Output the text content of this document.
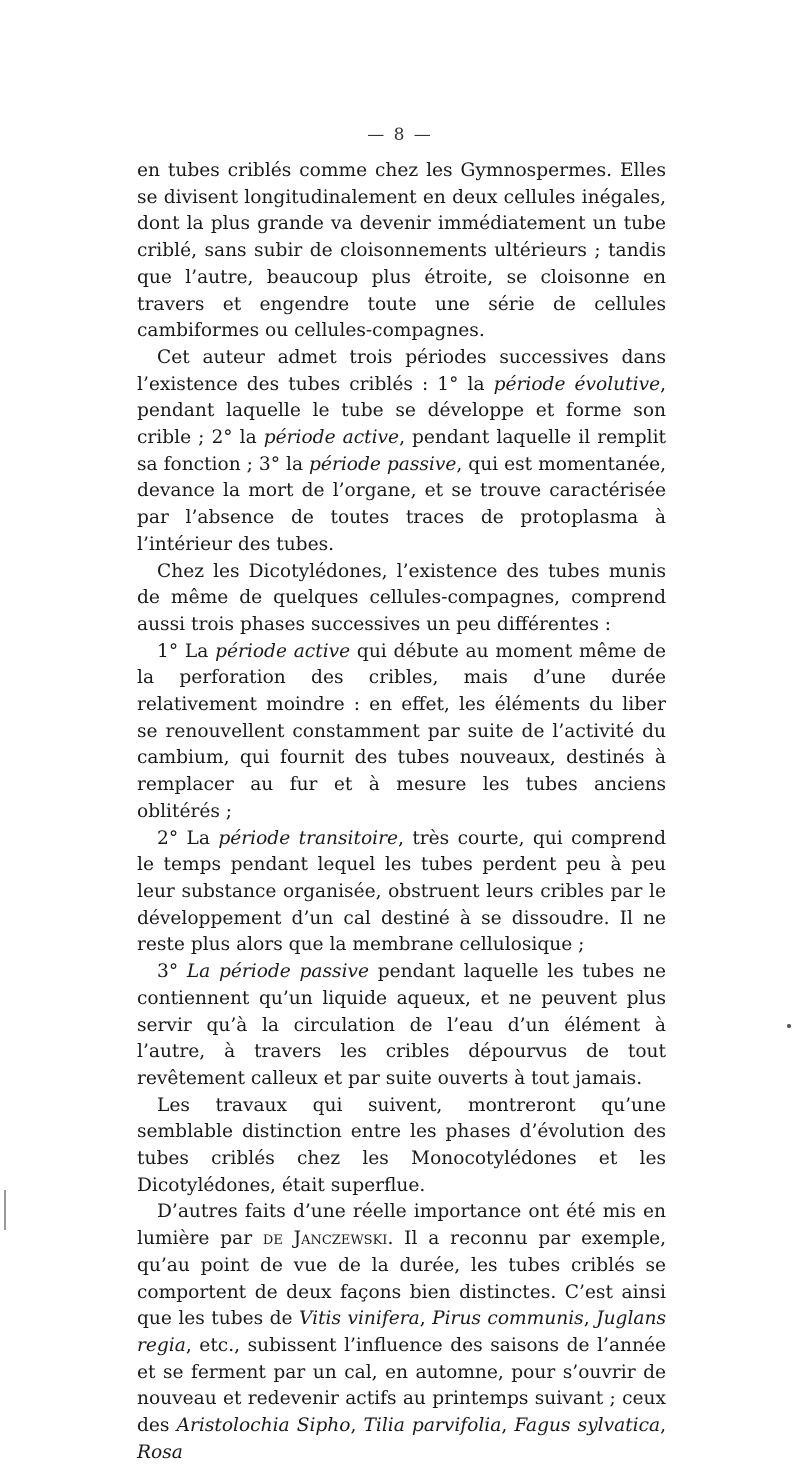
— 8 —

en tubes criblés comme chez les Gymnospermes. Elles se divisent longitudinalement en deux cellules inégales, dont la plus grande va devenir immédiatement un tube criblé, sans subir de cloisonnements ultérieurs ; tandis que l’autre, beaucoup plus étroite, se cloisonne en travers et engendre toute une série de cellules cambiformes ou cellules-compagnes.

Cet auteur admet trois périodes successives dans l’existence des tubes criblés : 1° la période évolutive, pendant laquelle le tube se développe et forme son crible ; 2° la période active, pendant laquelle il remplit sa fonction ; 3° la période passive, qui est momentanée, devance la mort de l’organe, et se trouve caractérisée par l’absence de toutes traces de protoplasma à l’intérieur des tubes.

Chez les Dicotylédones, l’existence des tubes munis de même de quelques cellules-compagnes, comprend aussi trois phases successives un peu différentes :

1° La période active qui débute au moment même de la perforation des cribles, mais d’une durée relativement moindre : en effet, les éléments du liber se renouvellent constamment par suite de l’activité du cambium, qui fournit des tubes nouveaux, destinés à remplacer au fur et à mesure les tubes anciens oblitérés ;

2° La période transitoire, très courte, qui comprend le temps pendant lequel les tubes perdent peu à peu leur substance organisée, obstruent leurs cribles par le développement d’un cal destiné à se dissoudre. Il ne reste plus alors que la membrane cellulosique ;

3° La période passive pendant laquelle les tubes ne contiennent qu’un liquide aqueux, et ne peuvent plus servir qu’à la circulation de l’eau d’un élément à l’autre, à travers les cribles dépourvus de tout revêtement calleux et par suite ouverts à tout jamais.

Les travaux qui suivent, montreront qu’une semblable distinction entre les phases d’évolution des tubes criblés chez les Monocotylédones et les Dicotylédones, était superflue.

D’autres faits d’une réelle importance ont été mis en lumière par de Janczewski. Il a reconnu par exemple, qu’au point de vue de la durée, les tubes criblés se comportent de deux façons bien distinctes. C’est ainsi que les tubes de Vitis vinifera, Pirus communis, Juglans regia, etc., subissent l’influence des saisons de l’année et se ferment par un cal, en automne, pour s’ouvrir de nouveau et redevenir actifs au printemps suivant ; ceux des Aristolochia Sipho, Tilia parvifolia, Fagus sylvatica, Rosa
